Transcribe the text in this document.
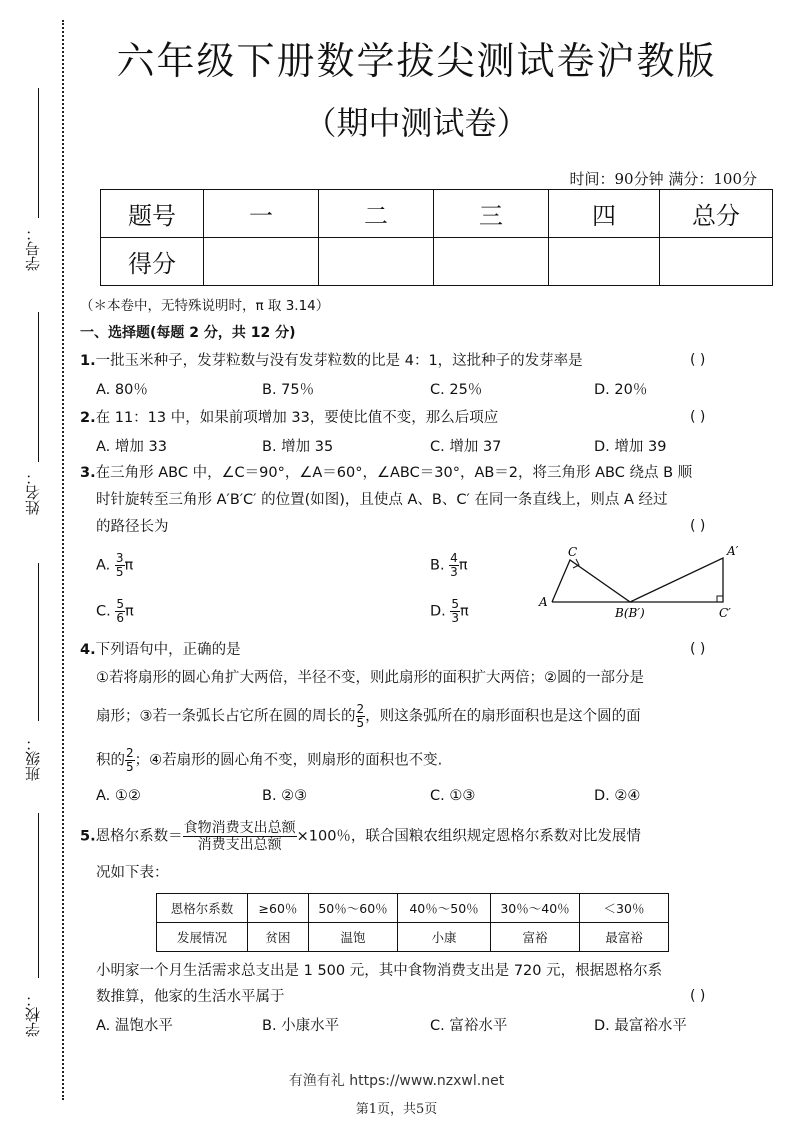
学号：
姓名：
班级：
学校：
六年级下册数学拔尖测试卷沪教版
（期中测试卷）
时间：90分钟 满分：100分
题号	一	二	三	四	总分
得分					
（＊本卷中，无特殊说明时，π 取 3.14）
一、选择题(每题 2 分，共 12 分)
1.一批玉米种子，发芽粒数与没有发芽粒数的比是 4：1，这批种子的发芽率是	( )
A. 80％	B. 75％	C. 25％	D. 20％
2.在 11：13 中，如果前项增加 33，要使比值不变，那么后项应	( )
A. 增加 33	B. 增加 35	C. 增加 37	D. 增加 39
3.在三角形 ABC 中，∠C＝90°，∠A＝60°，∠ABC＝30°，AB＝2，将三角形 ABC 绕点 B 顺
时针旋转至三角形 A′B′C′ 的位置(如图)，且使点 A、B、C′ 在同一条直线上，则点 A 经过
的路径长为	( )
A. $\frac{3}{5}$ π	B. $\frac{4}{3}$ π
C. $\frac{5}{6}$ π	D. $\frac{5}{3}$ π
C	A′
A
B(B′)	C′
4.下列语句中，正确的是	( )
①若将扇形的圆心角扩大两倍，半径不变，则此扇形的面积扩大两倍；②圆的一部分是
扇形；③若一条弧长占它所在圆的周长的 $\frac{2}{5}$ ，则这条弧所在的扇形面积也是这个圆的面
积的 $\frac{2}{5}$ ；④若扇形的圆心角不变，则扇形的面积也不变.
A. ①②	B. ②③	C. ①③	D. ②④
5.恩格尔系数＝ $\frac{\text{食物消费支出总额}}{\text{消费支出总额}} \times 100$％，联合国粮农组织规定恩格尔系数对比发展情
况如下表：
恩格尔系数	≥60％	50％～60％	40％～50％	30％～40％	＜30％
发展情况	贫困	温饱	小康	富裕	最富裕
小明家一个月生活需求总支出是 1 500 元，其中食物消费支出是 720 元，根据恩格尔系
数推算，他家的生活水平属于	( )
A. 温饱水平	B. 小康水平	C. 富裕水平	D. 最富裕水平
有渔有礼 https://www.nzxwl.net
第1页，共5页
